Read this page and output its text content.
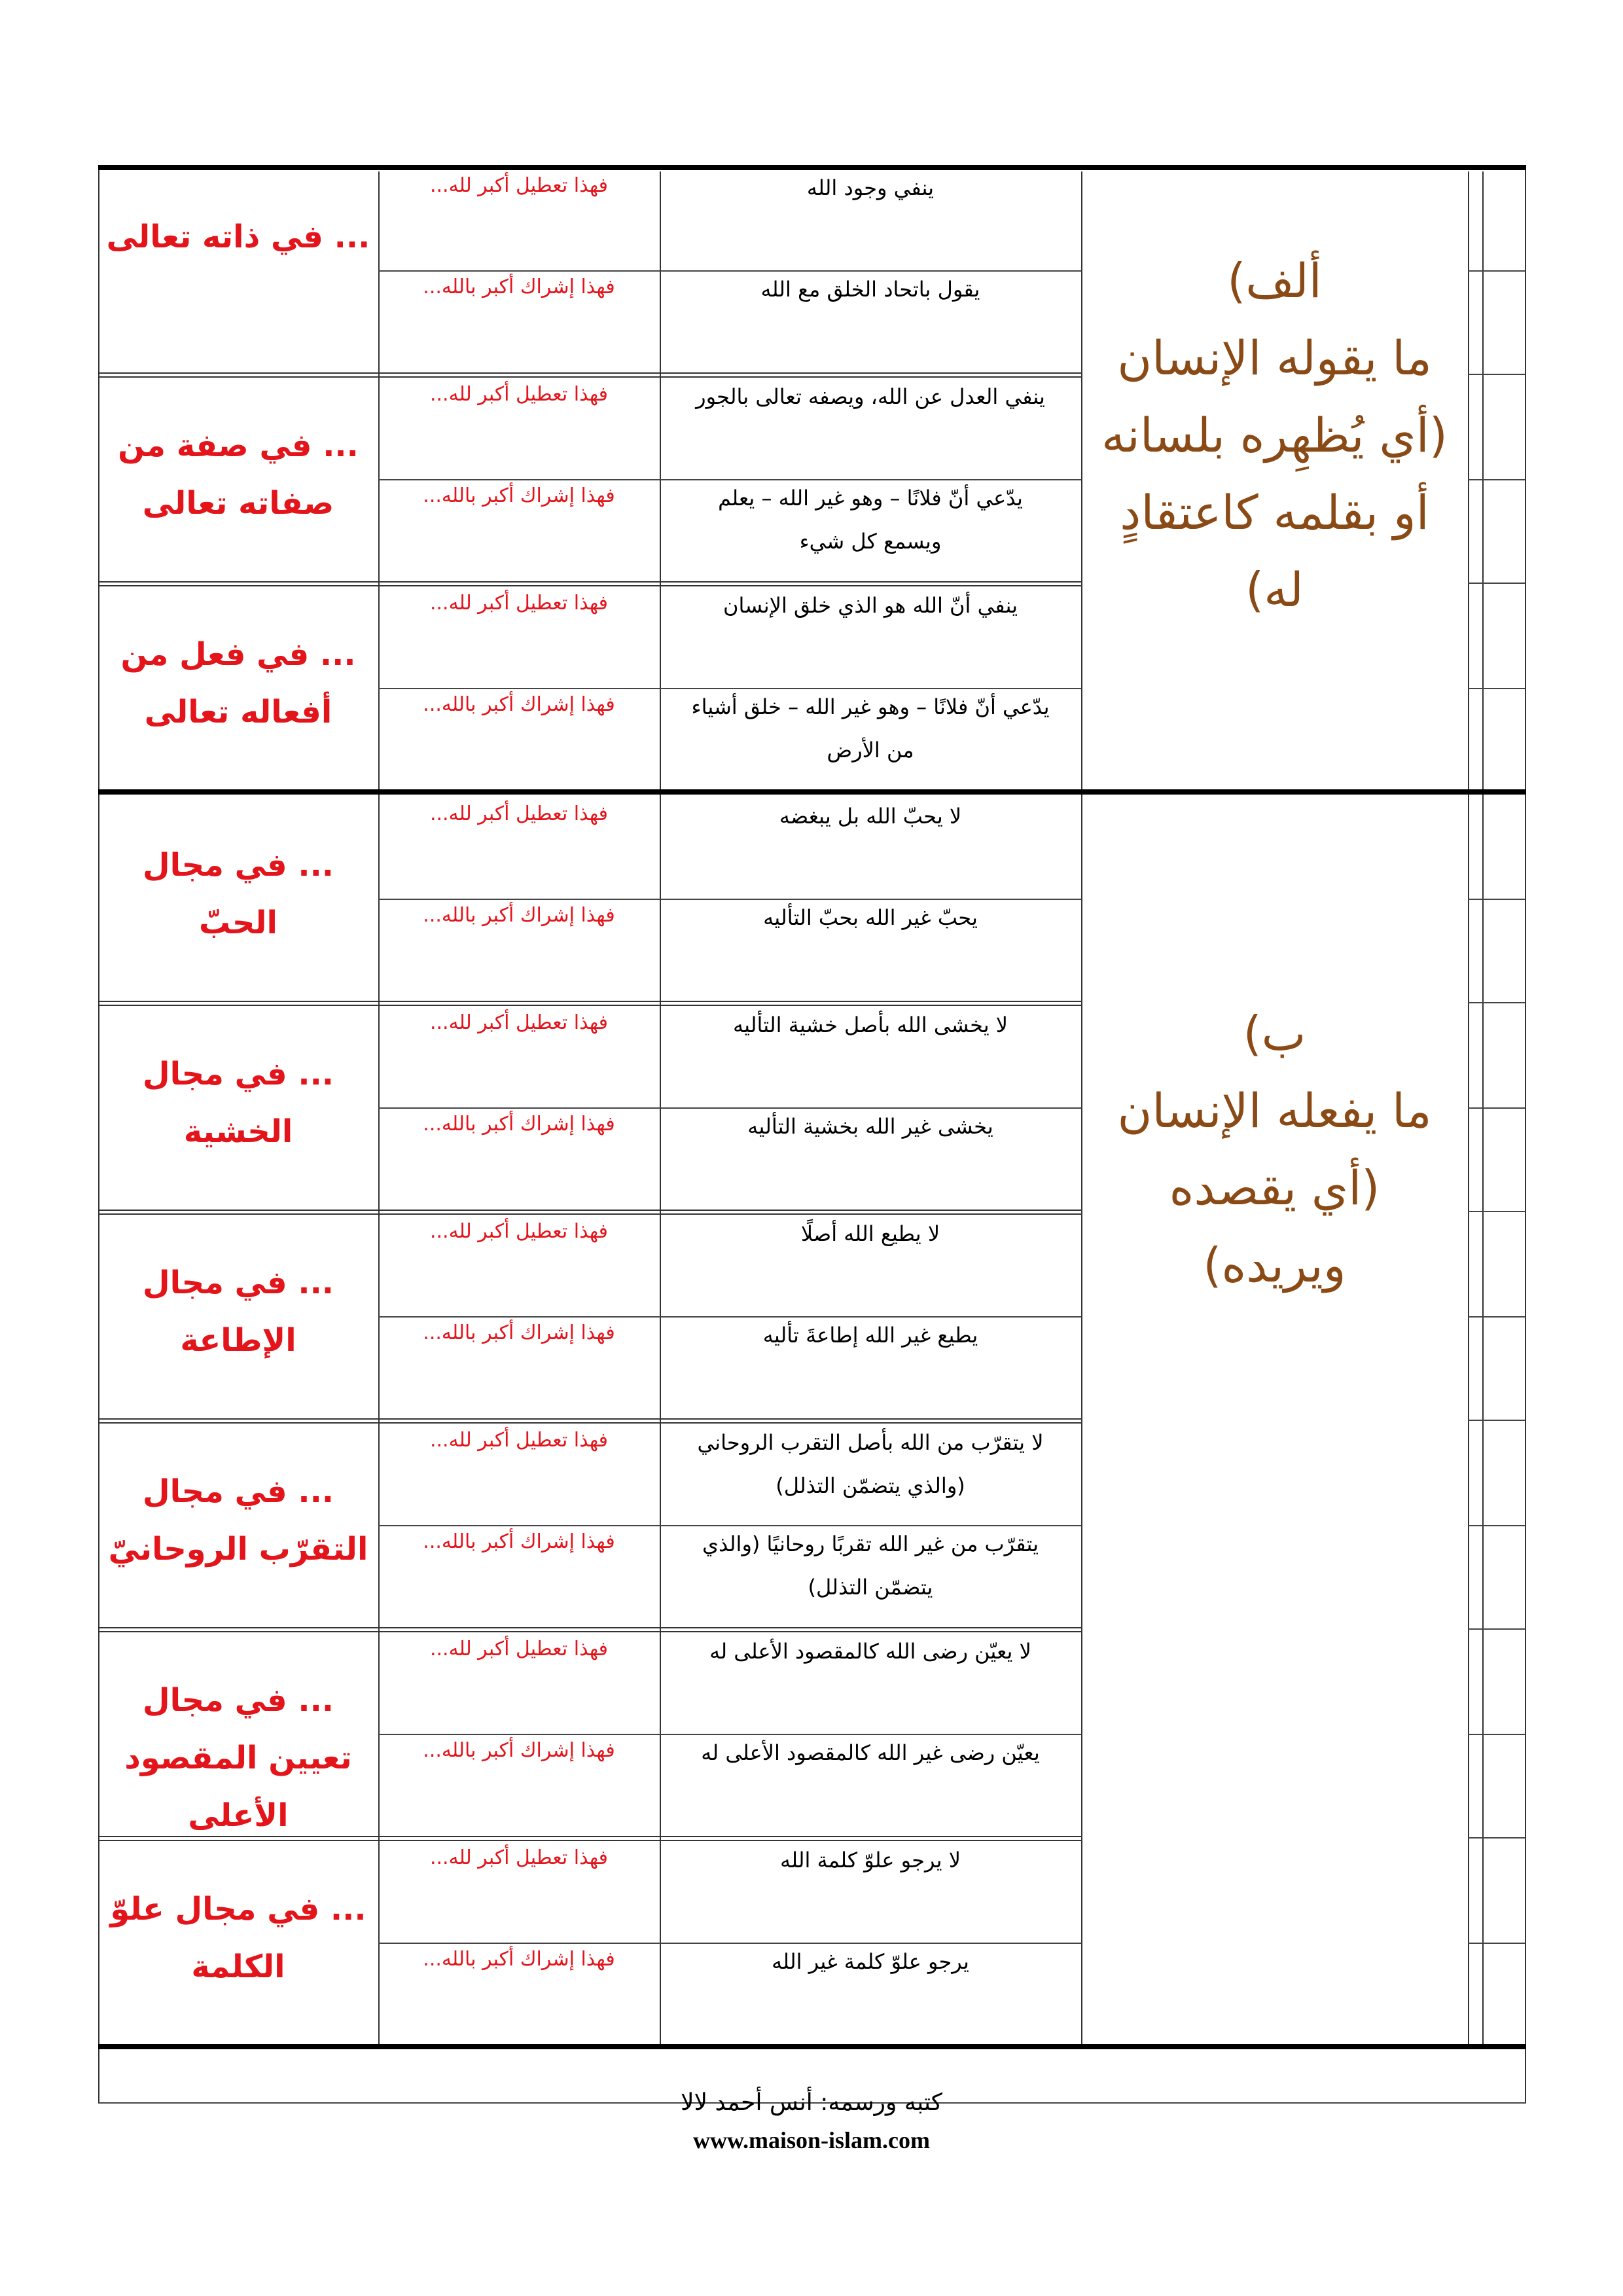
... في ذاته تعالى
فهذا تعطيل أكبر لله...	ينفي وجود الله
فهذا إشراك أكبر بالله...	يقول باتحاد الخلق مع الله
... في صفة من صفاته تعالى
فهذا تعطيل أكبر لله...	ينفي العدل عن الله، ويصفه تعالى بالجور
فهذا إشراك أكبر بالله...	يدّعي أنّ فلانًا – وهو غير الله – يعلم ويسمع كل شيء
... في فعل من أفعاله تعالى
فهذا تعطيل أكبر لله...	ينفي أنّ الله هو الذي خلق الإنسان
فهذا إشراك أكبر بالله...	يدّعي أنّ فلانًا – وهو غير الله – خلق أشياء من الأرض
... في مجال الحبّ
فهذا تعطيل أكبر لله...	لا يحبّ الله بل يبغضه
فهذا إشراك أكبر بالله...	يحبّ غير الله بحبّ التأليه
... في مجال الخشية
فهذا تعطيل أكبر لله...	لا يخشى الله بأصل خشية التأليه
فهذا إشراك أكبر بالله...	يخشى غير الله بخشية التأليه
... في مجال الإطاعة
فهذا تعطيل أكبر لله...	لا يطيع الله أصلًا
فهذا إشراك أكبر بالله...	يطيع غير الله إطاعةَ تأليه
... في مجال التقرّب الروحانيّ
فهذا تعطيل أكبر لله...	لا يتقرّب من الله بأصل التقرب الروحاني (والذي يتضمّن التذلل)
فهذا إشراك أكبر بالله...	يتقرّب من غير الله تقربًا روحانيًا (والذي يتضمّن التذلل)
... في مجال تعيين المقصود الأعلى
فهذا تعطيل أكبر لله...	لا يعيّن رضى الله كالمقصود الأعلى له
فهذا إشراك أكبر بالله...	يعيّن رضى غير الله كالمقصود الأعلى له
... في مجال علوّ الكلمة
فهذا تعطيل أكبر لله...	لا يرجو علوّ كلمة الله
فهذا إشراك أكبر بالله...	يرجو علوّ كلمة غير الله
ألف)
ما يقوله الإنسان
(أي يُظهِره بلسانه
أو بقلمه كاعتقادٍ
له)
ب)
ما يفعله الإنسان
(أي يقصده
ويريده)
كتبه ورسمه: أنس أحمد لالا
www.maison-islam.com
